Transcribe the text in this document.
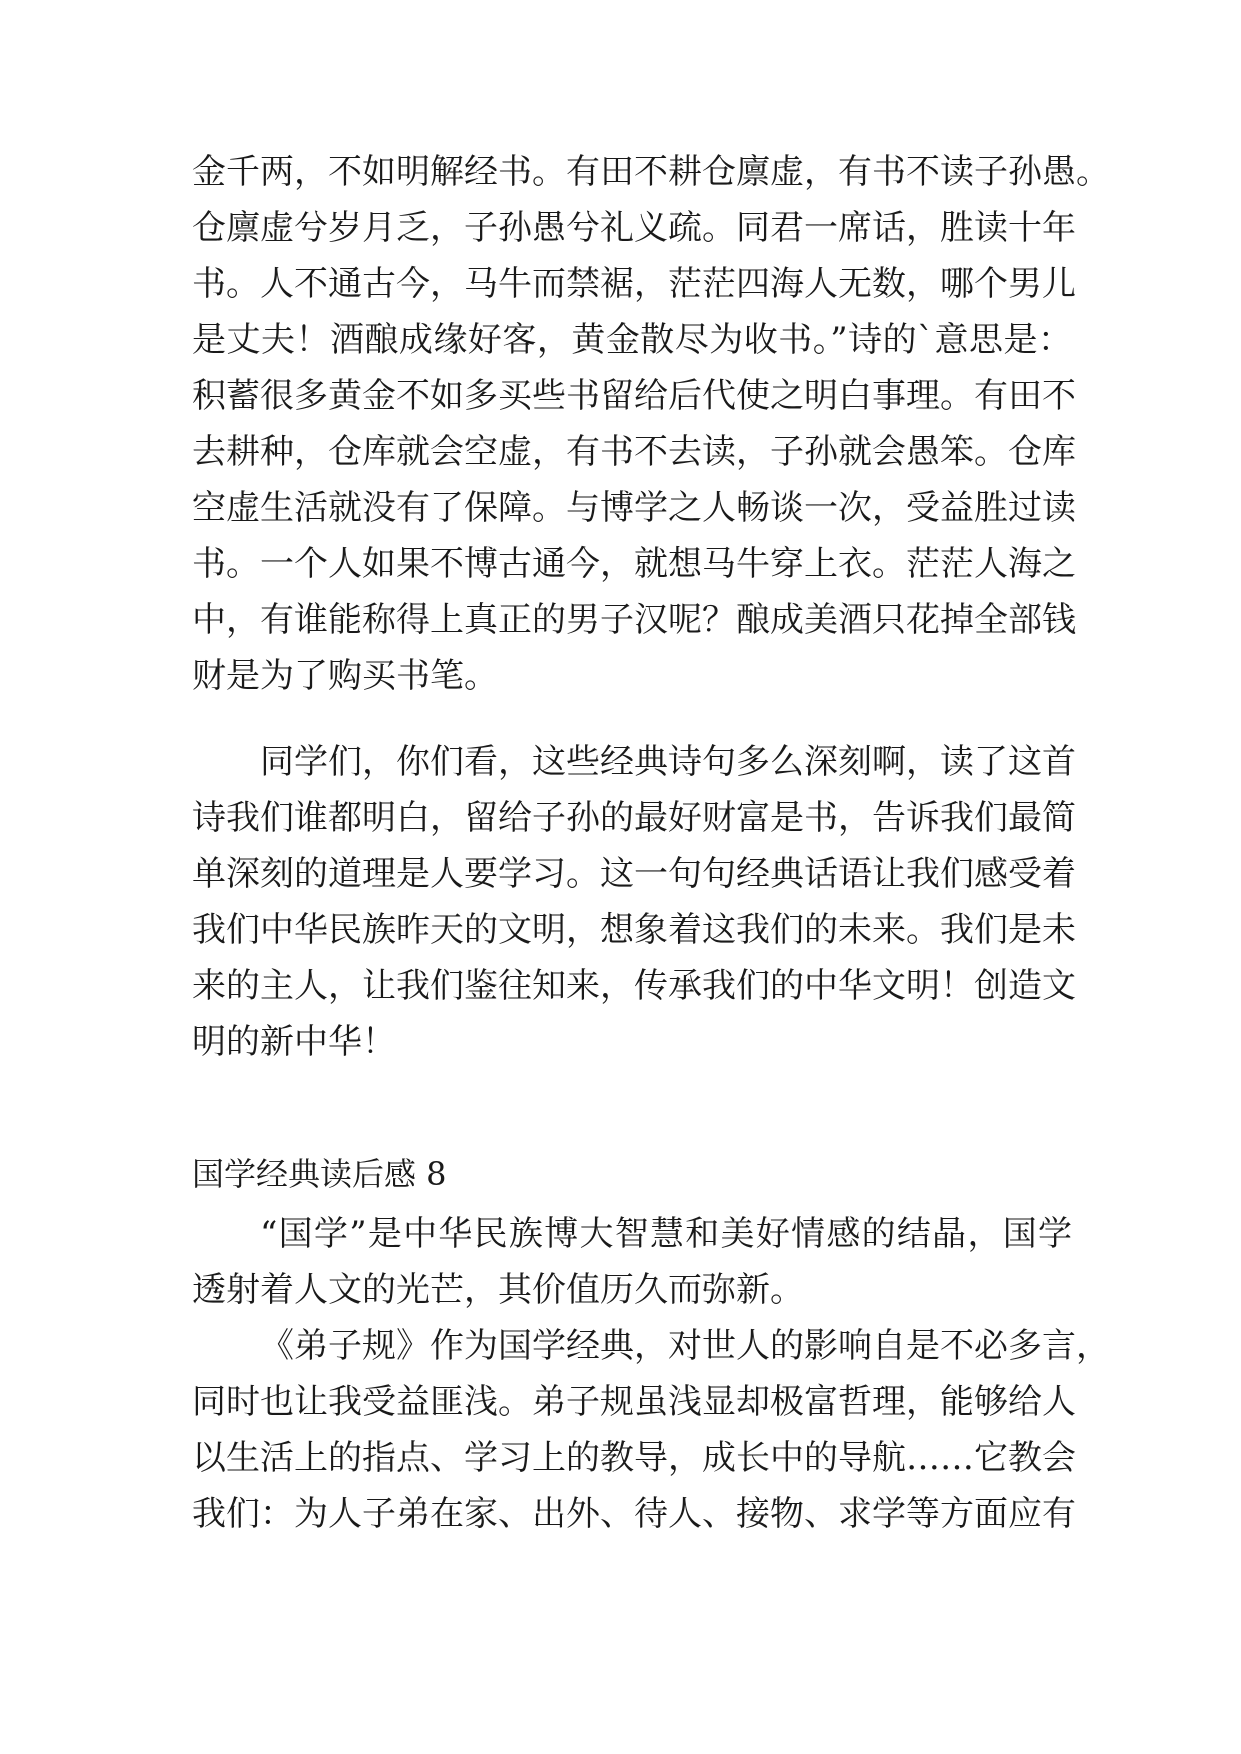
金千两，不如明解经书。有田不耕仓廪虚，有书不读子孙愚。
仓廪虚兮岁月乏，子孙愚兮礼义疏。同君一席话，胜读十年
书。人不通古今，马牛而禁裾，茫茫四海人无数，哪个男儿
是丈夫！酒酿成缘好客，黄金散尽为收书。”诗的`意思是：
积蓄很多黄金不如多买些书留给后代使之明白事理。有田不
去耕种，仓库就会空虚，有书不去读，子孙就会愚笨。仓库
空虚生活就没有了保障。与博学之人畅谈一次，受益胜过读
书。一个人如果不博古通今，就想马牛穿上衣。茫茫人海之
中，有谁能称得上真正的男子汉呢？酿成美酒只花掉全部钱
财是为了购买书笔。
同学们，你们看，这些经典诗句多么深刻啊，读了这首
诗我们谁都明白，留给子孙的最好财富是书，告诉我们最简
单深刻的道理是人要学习。这一句句经典话语让我们感受着
我们中华民族昨天的文明，想象着这我们的未来。我们是未
来的主人，让我们鉴往知来，传承我们的中华文明！创造文
明的新中华！
国学经典读后感 8
“国学”是中华民族博大智慧和美好情感的结晶，国学
透射着人文的光芒，其价值历久而弥新。
《弟子规》作为国学经典，对世人的影响自是不必多言，
同时也让我受益匪浅。弟子规虽浅显却极富哲理，能够给人
以生活上的指点、学习上的教导，成长中的导航……它教会
我们：为人子弟在家、出外、待人、接物、求学等方面应有
